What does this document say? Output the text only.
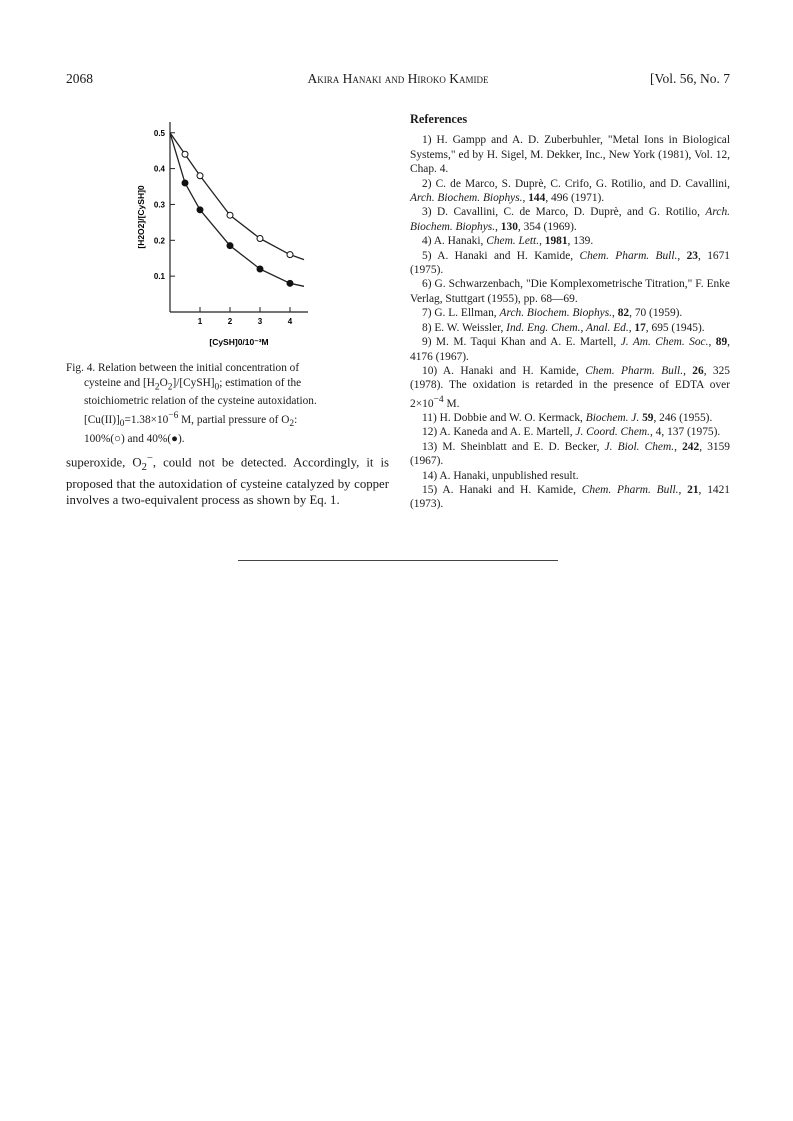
2068	Akira Hanaki and Hiroko Kamide	[Vol. 56, No. 7
0.1
0.2
0.3
0.4
0.5
1	2	3	4
[H2O2]/[CySH]0
[CySH]0/10⁻³M
Fig. 4. Relation between the initial concentration of
cysteine and $[H_2O_2]/[CySH]_0$; estimation of the
stoichiometric relation of the cysteine autoxidation.
$[Cu(II)]_0=1.38\times 10^{-6}$ M, partial pressure of $O_2$:
100%(○) and 40%(●).
superoxide, $O_2^-$, could not be detected. Accordingly, it is proposed that the autoxidation of cysteine catalyzed by copper involves a two-equivalent process as shown by Eq. 1.
References

1) H. Gampp and A. D. Zuberbuhler, "Metal Ions in Biological Systems," ed by H. Sigel, M. Dekker, Inc., New York (1981), Vol. 12, Chap. 4.

2) C. de Marco, S. Duprè, C. Crifo, G. Rotilio, and D. Cavallini, Arch. Biochem. Biophys., 144, 496 (1971).

3) D. Cavallini, C. de Marco, D. Duprè, and G. Rotilio, Arch. Biochem. Biophys., 130, 354 (1969).

4) A. Hanaki, Chem. Lett., 1981, 139.

5) A. Hanaki and H. Kamide, Chem. Pharm. Bull., 23, 1671 (1975).

6) G. Schwarzenbach, "Die Komplexometrische Titration," F. Enke Verlag, Stuttgart (1955), pp. 68—69.

7) G. L. Ellman, Arch. Biochem. Biophys., 82, 70 (1959).

8) E. W. Weissler, Ind. Eng. Chem., Anal. Ed., 17, 695 (1945).

9) M. M. Taqui Khan and A. E. Martell, J. Am. Chem. Soc., 89, 4176 (1967).

10) A. Hanaki and H. Kamide, Chem. Pharm. Bull., 26, 325 (1978). The oxidation is retarded in the presence of EDTA over $2\times 10^{-4}$ M.

11) H. Dobbie and W. O. Kermack, Biochem. J. 59, 246 (1955).

12) A. Kaneda and A. E. Martell, J. Coord. Chem., 4, 137 (1975).

13) M. Sheinblatt and E. D. Becker, J. Biol. Chem., 242, 3159 (1967).

14) A. Hanaki, unpublished result.

15) A. Hanaki and H. Kamide, Chem. Pharm. Bull., 21, 1421 (1973).
